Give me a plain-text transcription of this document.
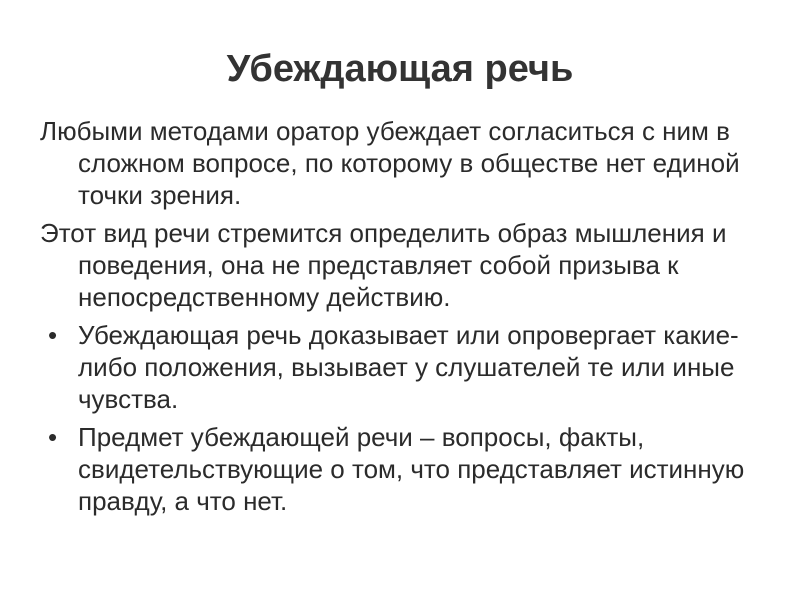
Убеждающая речь

Любыми методами оратор убеждает согласиться с ним в сложном вопросе, по которому в обществе нет единой точки зрения.

Этот вид речи стремится определить образ мышления и поведения, она не представляет собой призыва к непосредственному действию.

• Убеждающая речь доказывает или опровергает какие-либо положения, вызывает у слушателей те или иные чувства.
• Предмет убеждающей речи – вопросы, факты, свидетельствующие о том, что представляет истинную правду, а что нет.
